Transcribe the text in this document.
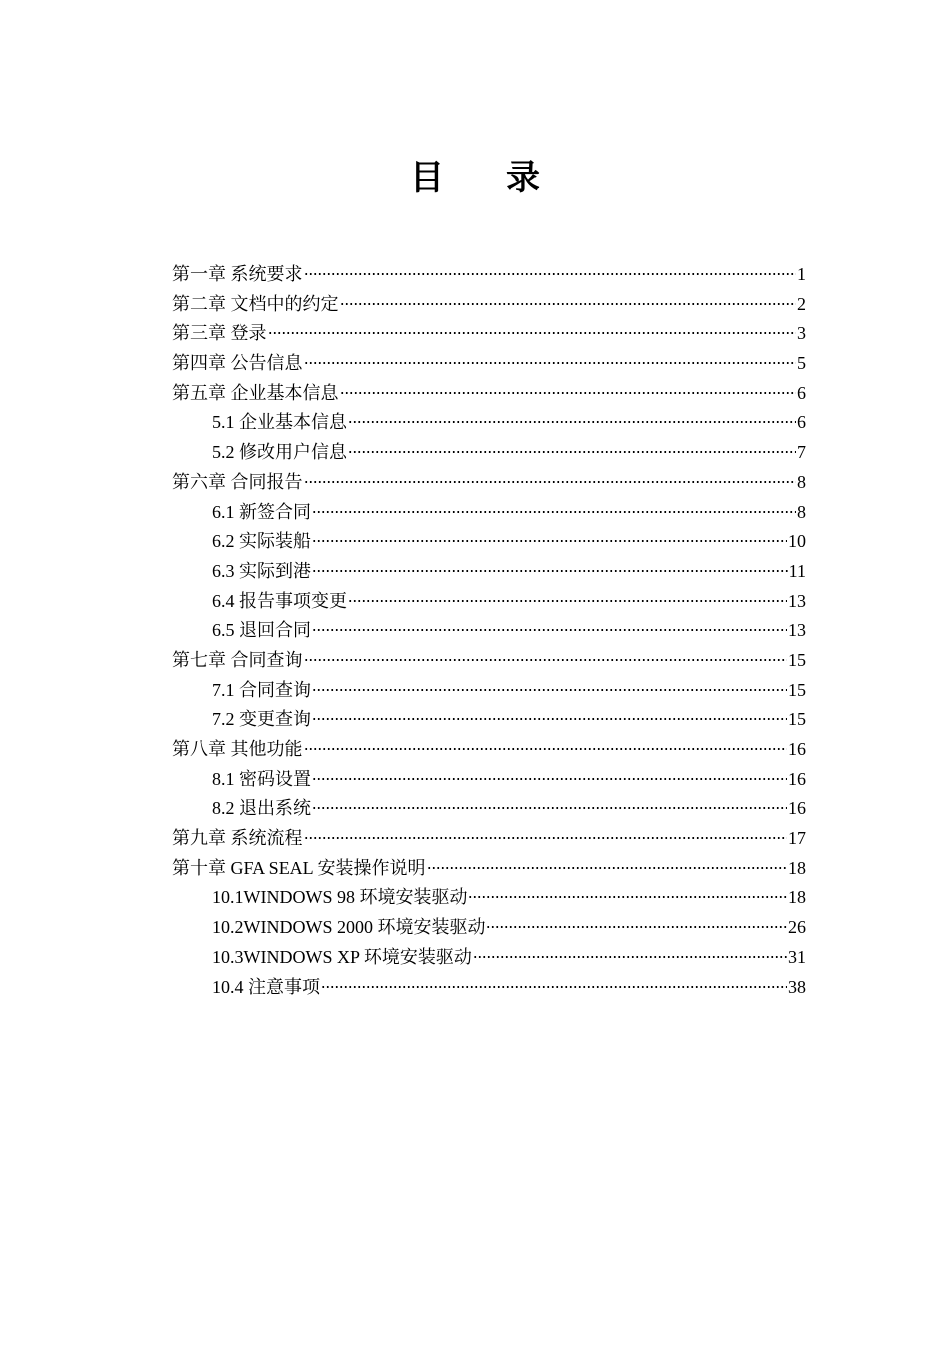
目 录
第一章 系统要求	1
第二章 文档中的约定	2
第三章 登录	3
第四章 公告信息	5
第五章 企业基本信息	6
5.1 企业基本信息	6
5.2 修改用户信息	7
第六章 合同报告	8
6.1 新签合同	8
6.2 实际装船	10
6.3 实际到港	11
6.4 报告事项变更	13
6.5 退回合同	13
第七章 合同查询	15
7.1 合同查询	15
7.2 变更查询	15
第八章 其他功能	16
8.1 密码设置	16
8.2 退出系统	16
第九章 系统流程	17
第十章 GFA SEAL 安装操作说明	18
10.1WINDOWS 98 环境安装驱动	18
10.2WINDOWS 2000 环境安装驱动	26
10.3WINDOWS XP 环境安装驱动	31
10.4 注意事项	38
